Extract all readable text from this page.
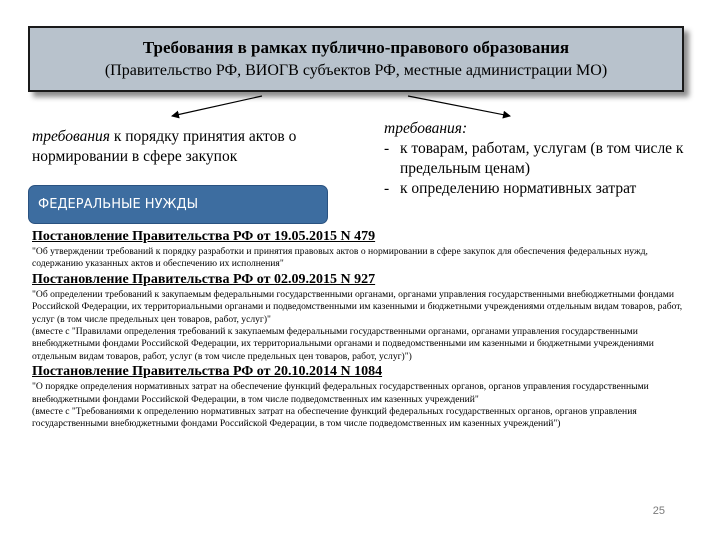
Требования в рамках публично-правового образования
(Правительство РФ, ВИОГВ субъектов РФ, местные администрации МО)
требования к порядку принятия актов о нормировании в сфере закупок
требования:
- к товарам, работам, услугам (в том числе к предельным ценам)
- к определению нормативных затрат
ФЕДЕРАЛЬНЫЕ НУЖДЫ
Постановление Правительства РФ от 19.05.2015 N 479
"Об утверждении требований к порядку разработки и принятия правовых актов о нормировании в сфере закупок для обеспечения федеральных нужд, содержанию указанных актов и обеспечению их исполнения"
Постановление Правительства РФ от 02.09.2015 N 927
"Об определении требований к закупаемым федеральными государственными органами, органами управления государственными внебюджетными фондами Российской Федерации, их территориальными органами и подведомственными им казенными и бюджетными учреждениями отдельным видам товаров, работ, услуг (в том числе предельных цен товаров, работ, услуг)"
(вместе с "Правилами определения требований к закупаемым федеральными государственными органами, органами управления государственными внебюджетными фондами Российской Федерации, их территориальными органами и подведомственными им казенными и бюджетными учреждениями отдельным видам товаров, работ, услуг (в том числе предельных цен товаров, работ, услуг)")
Постановление Правительства РФ от 20.10.2014 N 1084
"О порядке определения нормативных затрат на обеспечение функций федеральных государственных органов, органов управления государственными внебюджетными фондами Российской Федерации, в том числе подведомственных им казенных учреждений"
(вместе с "Требованиями к определению нормативных затрат на обеспечение функций федеральных государственных органов, органов управления государственными внебюджетными фондами Российской Федерации, в том числе подведомственных им казенных учреждений")
25
